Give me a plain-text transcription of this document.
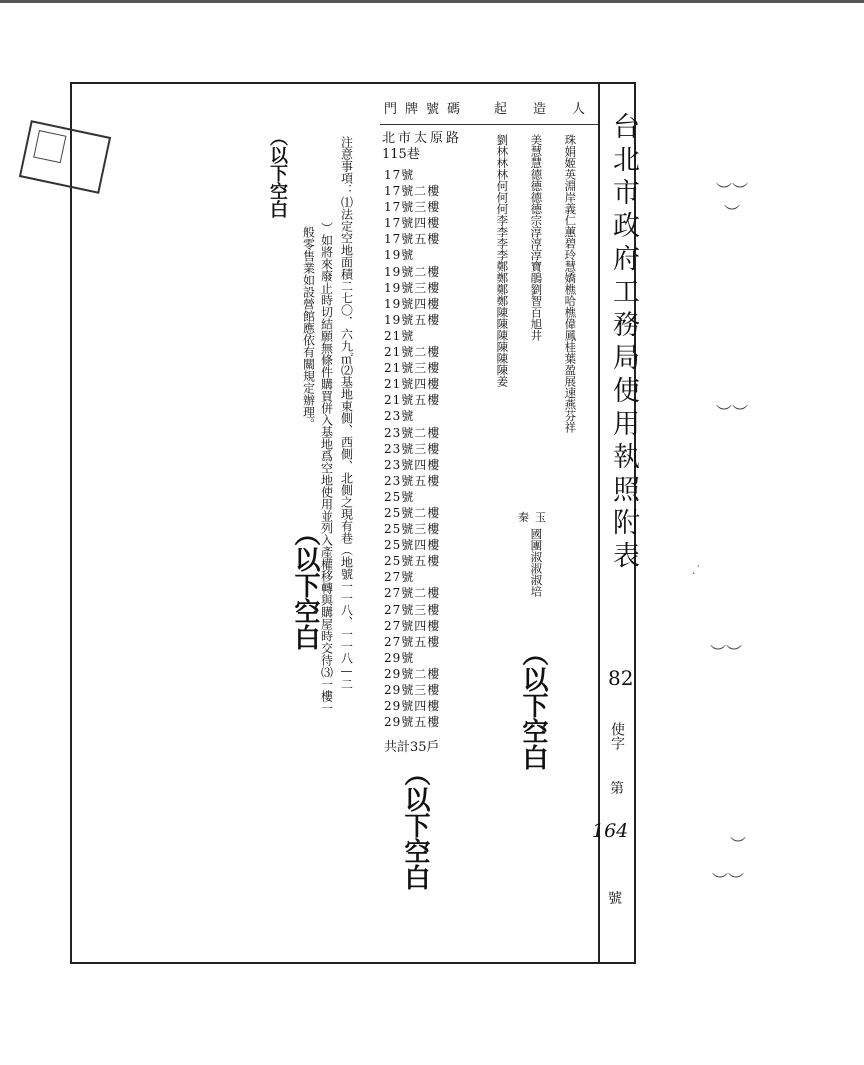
台北市政府工務局使用執照附表
82
使字
第
164
號
門牌號碼 起造人
珠娟姬英淵岸義仁蕙碧玲慧嬌樵哈樵偉鳳桂葉盈展速燕芬祥
美慧慧德德德德宗淳淳淳寶鵑劉智百旭井
秦玉
國團淑淑淑培
劉林林林何何何李李李李鄭鄭鄭鄭陳陳陳陳陳陳姜
北市太原路
115巷
17號
17號二樓
17號三樓
17號四樓
17號五樓
19號
19號二樓
19號三樓
19號四樓
19號五樓
21號
21號二樓
21號三樓
21號四樓
21號五樓
23號
23號二樓
23號三樓
23號四樓
23號五樓
25號
25號二樓
25號三樓
25號四樓
25號五樓
27號
27號二樓
27號三樓
27號四樓
27號五樓
29號
29號二樓
29號三樓
29號四樓
29號五樓
共計35戶
注意事項：⑴法定空地面積二七〇．六九㎡⑵基地東側、西側、北側之現有巷（地號一一八、一一八—二
）如將來廢止時切結願無條件購買併入基地爲空地使用並列入產權移轉與購屋時交待⑶一樓一
般零售業如設營館應依有關規定辦理。
（以下空白
（以下空白
（以下空白
（以下空白	︶︶
︶
︶︶
︶︶
︶
︶︶
.˙
